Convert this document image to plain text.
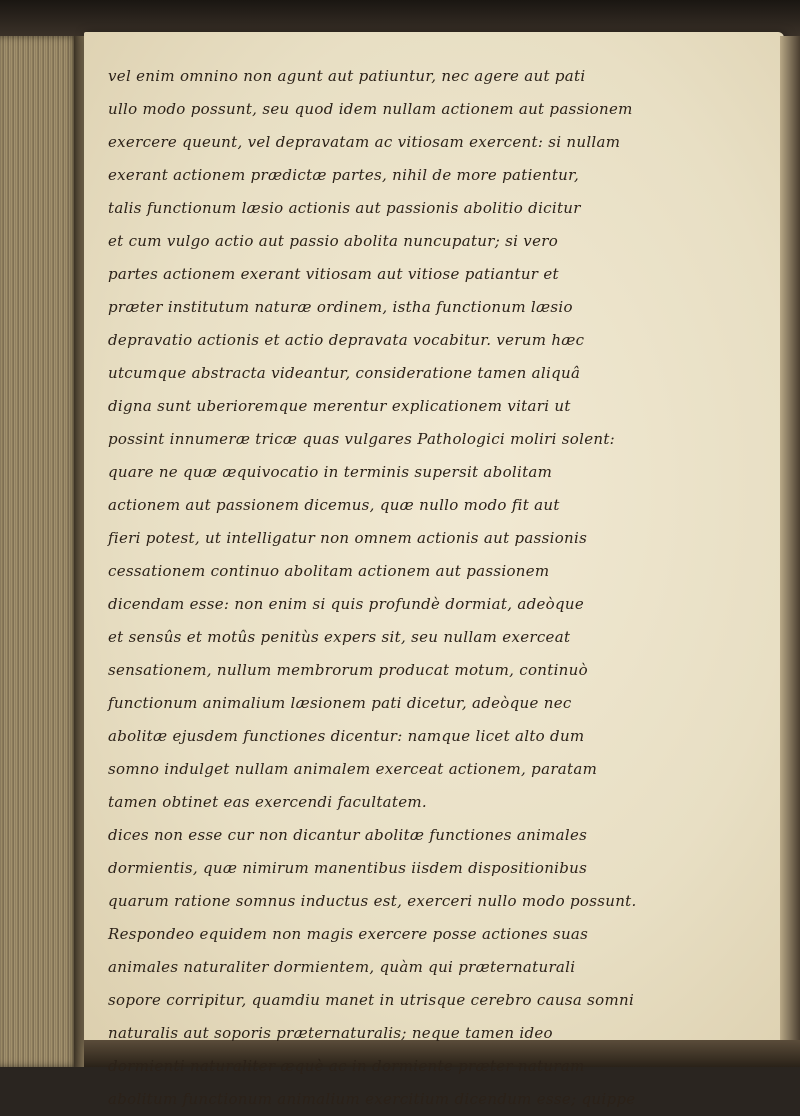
vel enim omnino non agunt aut patiuntur, nec agere aut pati
ullo modo possunt, seu quod idem nullam actionem aut passionem
exercere queunt, vel depravatam ac vitiosam exercent: si nullam
exerant actionem prædictæ partes, nihil de more patientur,
talis functionum læsio actionis aut passionis abolitio dicitur
et cum vulgo actio aut passio abolita nuncupatur; si vero
partes actionem exerant vitiosam aut vitiose patiantur et
præter institutum naturæ ordinem, istha functionum læsio
depravatio actionis et actio depravata vocabitur. verum hæc
utcumque abstracta videantur, consideratione tamen aliquâ
digna sunt uberioremque merentur explicationem vitari ut
possint innumeræ tricæ quas vulgares Pathologici moliri solent:
quare ne quæ æquivocatio in terminis supersit abolitam
actionem aut passionem dicemus, quæ nullo modo fit aut
fieri potest, ut intelligatur non omnem actionis aut passionis
cessationem continuo abolitam actionem aut passionem
dicendam esse: non enim si quis profundè dormiat, adeòque
et sensûs et motûs penitùs expers sit, seu nullam exerceat
sensationem, nullum membrorum producat motum, continuò
functionum animalium læsionem pati dicetur, adeòque nec
abolitæ ejusdem functiones dicentur: namque licet alto dum
somno indulget nullam animalem exerceat actionem, paratam
tamen obtinet eas exercendi facultatem.
dices non esse cur non dicantur abolitæ functiones animales
dormientis, quæ nimirum manentibus iisdem dispositionibus
quarum ratione somnus inductus est, exerceri nullo modo possunt.
Respondeo equidem non magis exercere posse actiones suas
animales naturaliter dormientem, quàm qui præternaturali
sopore corripitur, quamdiu manet in utrisque cerebro causa somni
naturalis aut soporis præternaturalis; neque tamen ideo
dormienti naturaliter æquè ac in dormiente præter naturam
abolitum functionum animalium exercitium dicendum esse; quippe
